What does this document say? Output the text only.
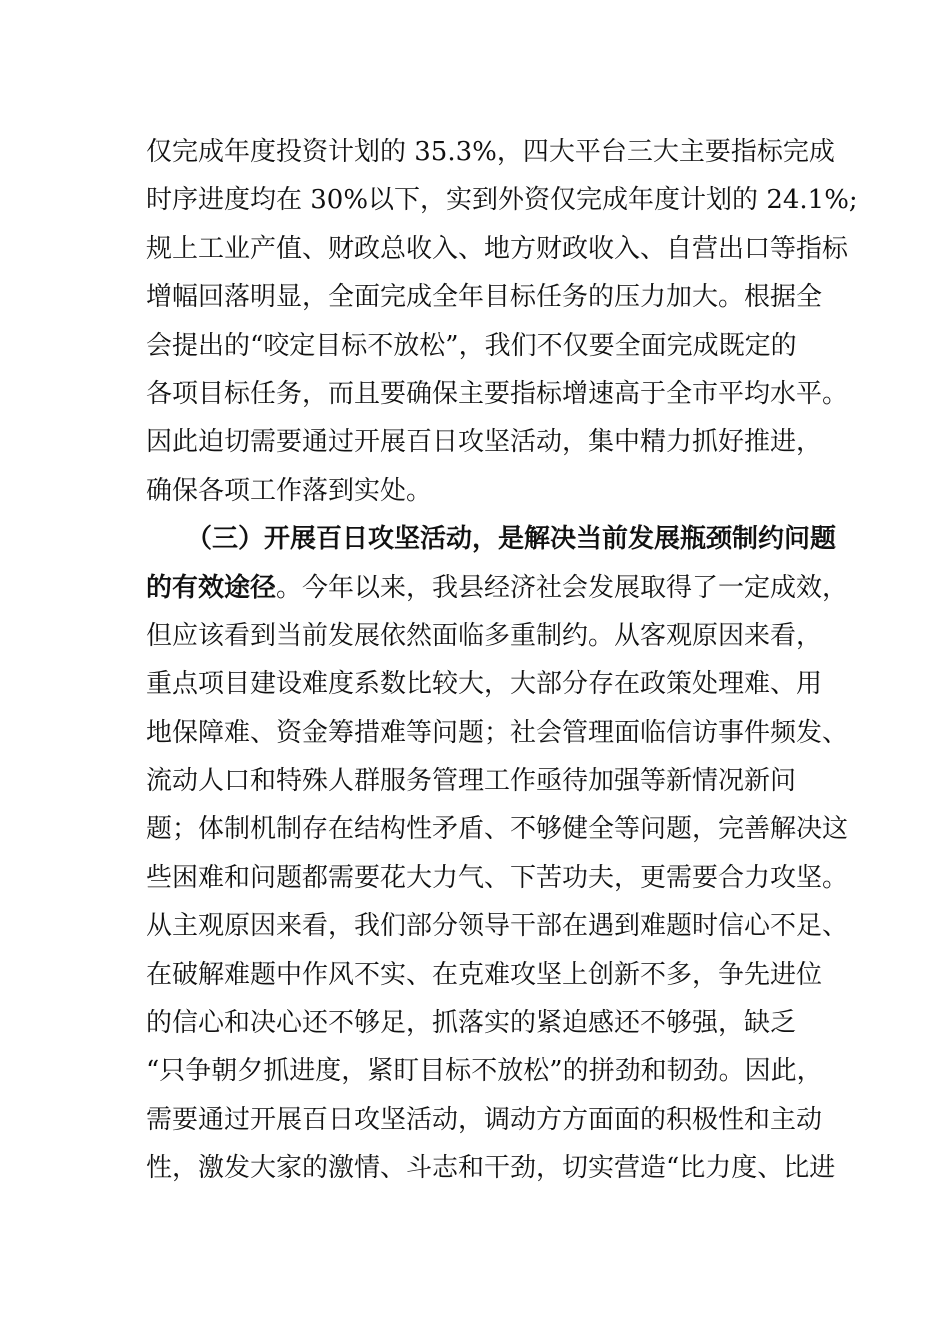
仅完成年度投资计划的 35.3%，四大平台三大主要指标完成
时序进度均在 30%以下，实到外资仅完成年度计划的 24.1%;
规上工业产值、财政总收入、地方财政收入、自营出口等指标
增幅回落明显，全面完成全年目标任务的压力加大。根据全
会提出的“咬定目标不放松”，我们不仅要全面完成既定的
各项目标任务，而且要确保主要指标增速高于全市平均水平。
因此迫切需要通过开展百日攻坚活动，集中精力抓好推进，
确保各项工作落到实处。
（三）开展百日攻坚活动，是解决当前发展瓶颈制约问题
的有效途径。今年以来，我县经济社会发展取得了一定成效，
但应该看到当前发展依然面临多重制约。从客观原因来看，
重点项目建设难度系数比较大，大部分存在政策处理难、用
地保障难、资金筹措难等问题；社会管理面临信访事件频发、
流动人口和特殊人群服务管理工作亟待加强等新情况新问
题；体制机制存在结构性矛盾、不够健全等问题，完善解决这
些困难和问题都需要花大力气、下苦功夫，更需要合力攻坚。
从主观原因来看，我们部分领导干部在遇到难题时信心不足、
在破解难题中作风不实、在克难攻坚上创新不多，争先进位
的信心和决心还不够足，抓落实的紧迫感还不够强，缺乏
“只争朝夕抓进度，紧盯目标不放松”的拼劲和韧劲。因此，
需要通过开展百日攻坚活动，调动方方面面的积极性和主动
性，激发大家的激情、斗志和干劲，切实营造“比力度、比进
